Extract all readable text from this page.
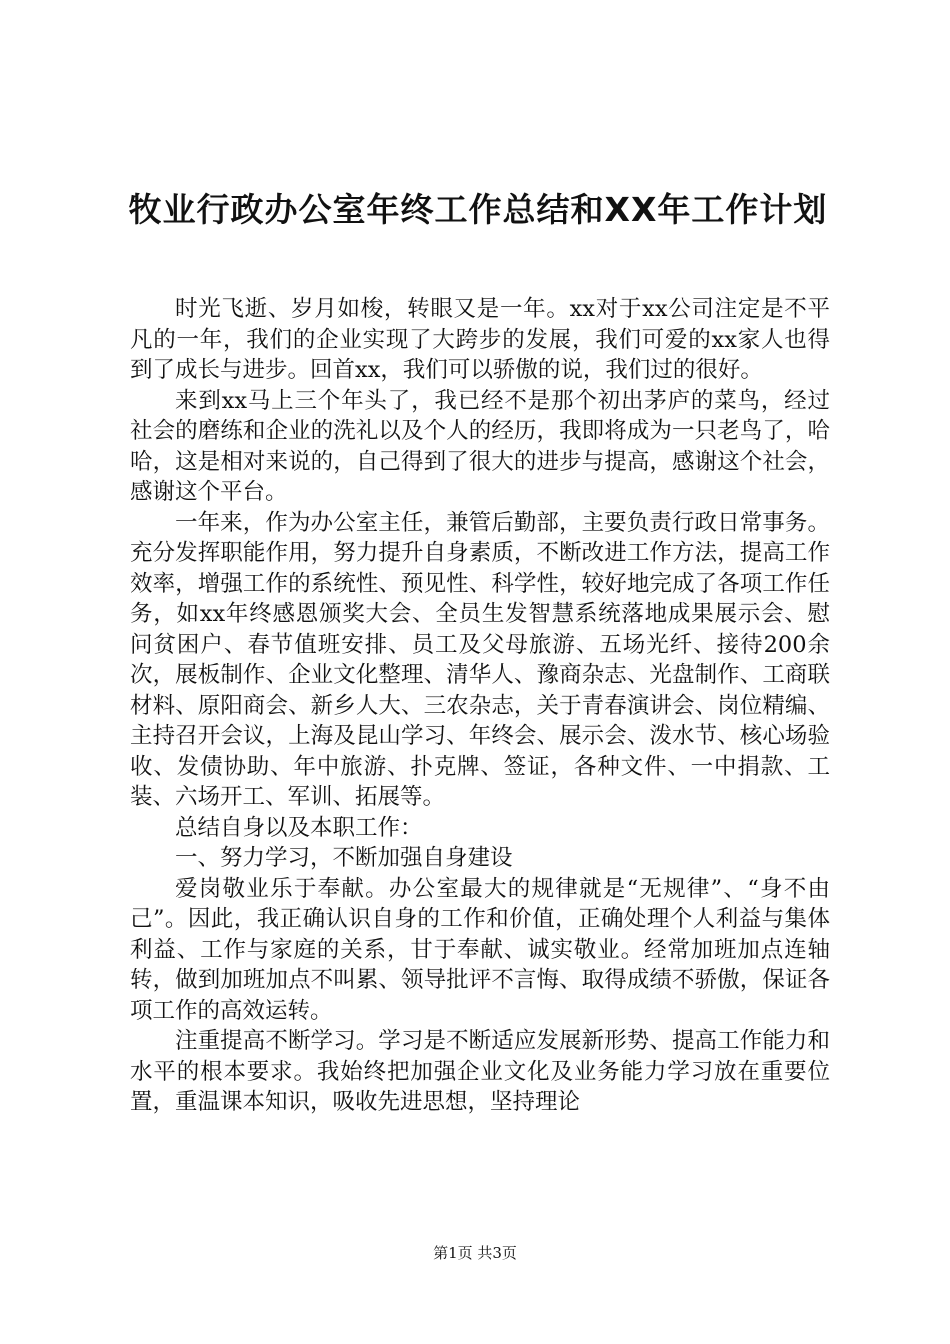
牧业行政办公室年终工作总结和XX年工作计划

时光飞逝、岁月如梭，转眼又是一年。xx对于xx公司注定是不平凡的一年，我们的企业实现了大跨步的发展，我们可爱的xx家人也得到了成长与进步。回首xx，我们可以骄傲的说，我们过的很好。

来到xx马上三个年头了，我已经不是那个初出茅庐的菜鸟，经过社会的磨练和企业的洗礼以及个人的经历，我即将成为一只老鸟了，哈哈，这是相对来说的，自己得到了很大的进步与提高，感谢这个社会，感谢这个平台。

一年来，作为办公室主任，兼管后勤部，主要负责行政日常事务。充分发挥职能作用，努力提升自身素质，不断改进工作方法，提高工作效率，增强工作的系统性、预见性、科学性，较好地完成了各项工作任务，如xx年终感恩颁奖大会、全员生发智慧系统落地成果展示会、慰问贫困户、春节值班安排、员工及父母旅游、五场光纤、接待200余次，展板制作、企业文化整理、清华人、豫商杂志、光盘制作、工商联材料、原阳商会、新乡人大、三农杂志，关于青春演讲会、岗位精编、主持召开会议，上海及昆山学习、年终会、展示会、泼水节、核心场验收、发债协助、年中旅游、扑克牌、签证，各种文件、一中捐款、工装、六场开工、军训、拓展等。

总结自身以及本职工作：

一、努力学习，不断加强自身建设

爱岗敬业乐于奉献。办公室最大的规律就是“无规律”、“身不由己”。因此，我正确认识自身的工作和价值，正确处理个人利益与集体利益、工作与家庭的关系，甘于奉献、诚实敬业。经常加班加点连轴转，做到加班加点不叫累、领导批评不言悔、取得成绩不骄傲，保证各项工作的高效运转。

注重提高不断学习。学习是不断适应发展新形势、提高工作能力和水平的根本要求。我始终把加强企业文化及业务能力学习放在重要位置，重温课本知识，吸收先进思想，坚持理论

第1页 共3页
